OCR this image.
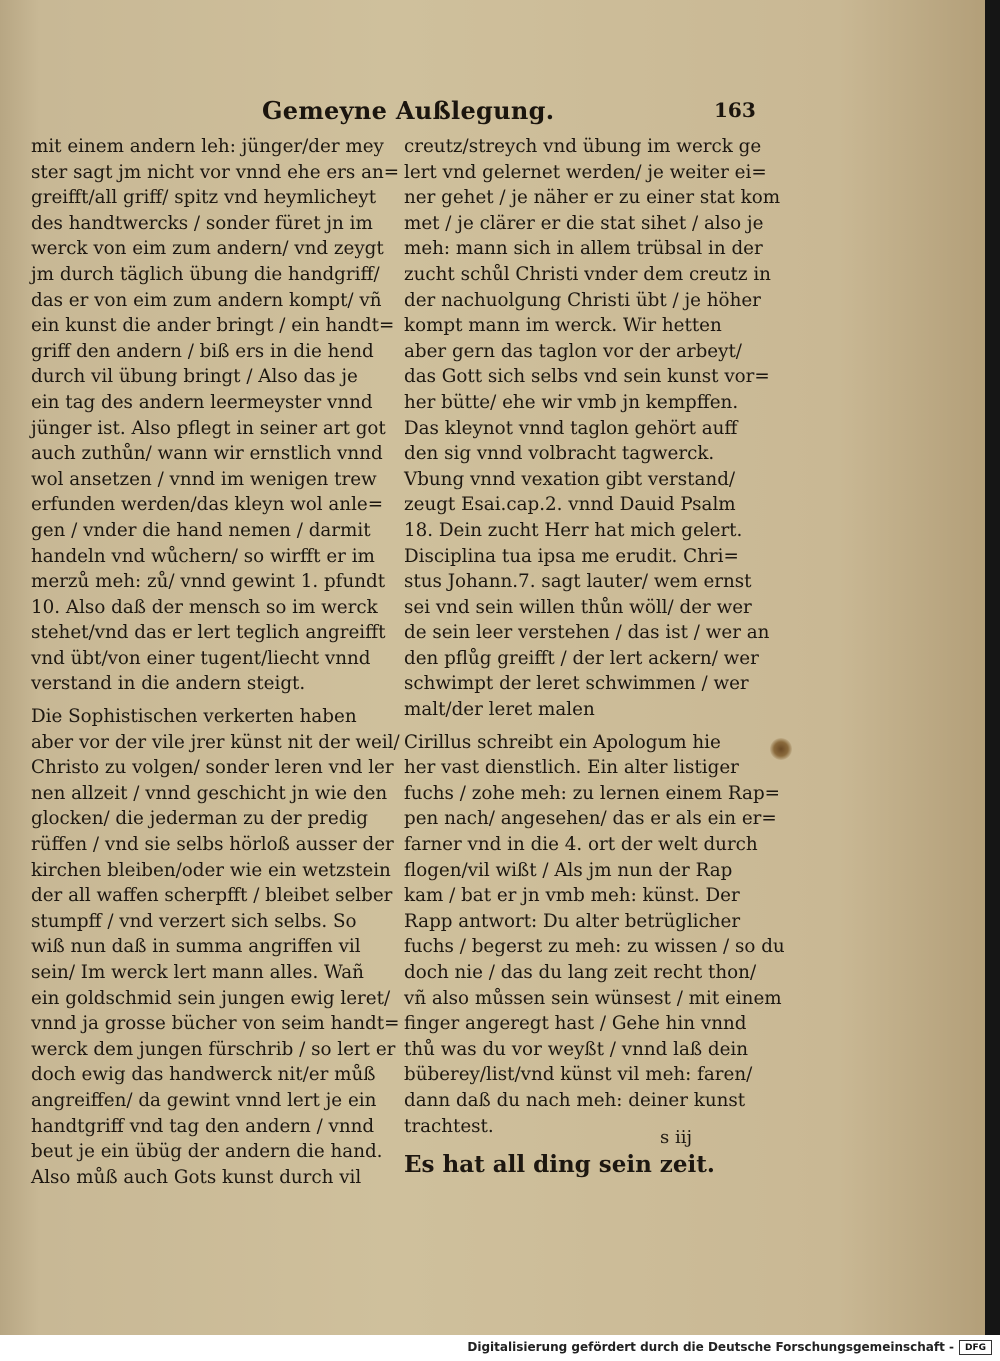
Gemeyne Außlegung.	163
mit einem andern leh: jünger/der mey
ster sagt jm nicht vor vnnd ehe ers an=
greifft/all griff/ spitz vnd heymlicheyt
des handtwercks / sonder füret jn im
werck von eim zum andern/ vnd zeygt
jm durch täglich übung die handgriff/
das er von eim zum andern kompt/ vñ
ein kunst die ander bringt / ein handt=
griff den andern / biß ers in die hend
durch vil übung bringt / Also das je
ein tag des andern leermeyster vnnd
jünger ist. Also pflegt in seiner art got
auch zuthůn/ wann wir ernstlich vnnd
wol ansetzen / vnnd im wenigen trew
erfunden werden/das kleyn wol anle=
gen / vnder die hand nemen / darmit
handeln vnd wůchern/ so wirfft er im
merzů meh: zů/ vnnd gewint 1. pfundt
10. Also daß der mensch so im werck
stehet/vnd das er lert teglich angreifft
vnd übt/von einer tugent/liecht vnnd
verstand in die andern steigt.
Die Sophistischen verkerten haben
aber vor der vile jrer künst nit der weil/
Christo zu volgen/ sonder leren vnd ler
nen allzeit / vnnd geschicht jn wie den
glocken/ die jederman zu der predig
rüffen / vnd sie selbs hörloß ausser der
kirchen bleiben/oder wie ein wetzstein
der all waffen scherpfft / bleibet selber
stumpff / vnd verzert sich selbs. So
wiß nun daß in summa angriffen vil
sein/ Im werck lert mann alles. Wañ
ein goldschmid sein jungen ewig leret/
vnnd ja grosse bücher von seim handt=
werck dem jungen fürschrib / so lert er
doch ewig das handwerck nit/er můß
angreiffen/ da gewint vnnd lert je ein
handtgriff vnd tag den andern / vnnd
beut je ein übüg der andern die hand.
Also můß auch Gots kunst durch vil
creutz/streych vnd übung im werck ge
lert vnd gelernet werden/ je weiter ei=
ner gehet / je näher er zu einer stat kom
met / je clärer er die stat sihet / also je
meh: mann sich in allem trübsal in der
zucht schůl Christi vnder dem creutz in
der nachuolgung Christi übt / je höher
kompt mann im werck. Wir hetten
aber gern das taglon vor der arbeyt/
das Gott sich selbs vnd sein kunst vor=
her bütte/ ehe wir vmb jn kempffen.
Das kleynot vnnd taglon gehört auff
den sig vnnd volbracht tagwerck.
Vbung vnnd vexation gibt verstand/
zeugt Esai.cap.2. vnnd Dauid Psalm
18. Dein zucht Herr hat mich gelert.
Disciplina tua ipsa me erudit. Chri=
stus Johann.7. sagt lauter/ wem ernst
sei vnd sein willen thůn wöll/ der wer
de sein leer verstehen / das ist / wer an
den pflůg greifft / der lert ackern/ wer
schwimpt der leret schwimmen / wer
malt/der leret malen
Cirillus schreibt ein Apologum hie
her vast dienstlich. Ein alter listiger
fuchs / zohe meh: zu lernen einem Rap=
pen nach/ angesehen/ das er als ein er=
farner vnd in die 4. ort der welt durch
flogen/vil wißt / Als jm nun der Rap
kam / bat er jn vmb meh: künst. Der
Rapp antwort: Du alter betrüglicher
fuchs / begerst zu meh: zu wissen / so du
doch nie / das du lang zeit recht thon/
vñ also můssen sein wünsest / mit einem
finger angeregt hast / Gehe hin vnnd
thů was du vor weyßt / vnnd laß dein
büberey/list/vnd künst vil meh: faren/
dann daß du nach meh: deiner kunst
trachtest.
Es hat all ding sein zeit.
s iij
Digitalisierung gefördert durch die Deutsche Forschungsgemeinschaft -	DFG
